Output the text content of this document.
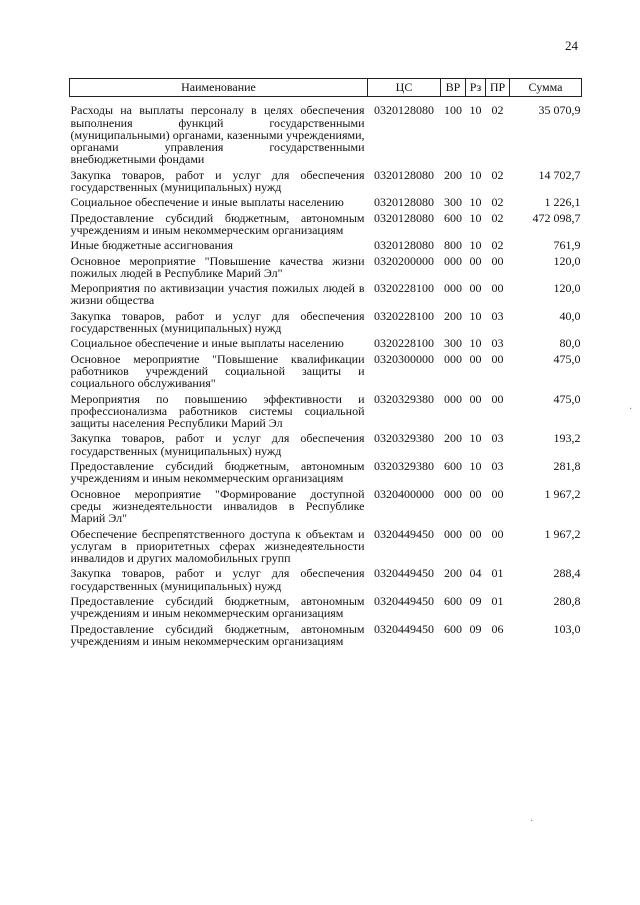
24
Наименование	ЦС	ВР	Рз	ПР	Сумма

Расходы на выплаты персоналу в целях обеспечения выполнения функций государственными (муниципальными) органами, казенными учреждениями, органами управления государственными внебюджетными фондами	0320128080	100	10	02	35 070,9
Закупка товаров, работ и услуг для обеспечения государственных (муниципальных) нужд	0320128080	200	10	02	14 702,7
Социальное обеспечение и иные выплаты населению	0320128080	300	10	02	1 226,1
Предоставление субсидий бюджетным, автономным учреждениям и иным некоммерческим организациям	0320128080	600	10	02	472 098,7
Иные бюджетные ассигнования	0320128080	800	10	02	761,9
Основное мероприятие "Повышение качества жизни пожилых людей в Республике Марий Эл"	0320200000	000	00	00	120,0
Мероприятия по активизации участия пожилых людей в жизни общества	0320228100	000	00	00	120,0
Закупка товаров, работ и услуг для обеспечения государственных (муниципальных) нужд	0320228100	200	10	03	40,0
Социальное обеспечение и иные выплаты населению	0320228100	300	10	03	80,0
Основное мероприятие "Повышение квалификации работников учреждений социальной защиты и социального обслуживания"	0320300000	000	00	00	475,0
Мероприятия по повышению эффективности и профессионализма работников системы социальной защиты населения Республики Марий Эл	0320329380	000	00	00	475,0
Закупка товаров, работ и услуг для обеспечения государственных (муниципальных) нужд	0320329380	200	10	03	193,2
Предоставление субсидий бюджетным, автономным учреждениям и иным некоммерческим организациям	0320329380	600	10	03	281,8
Основное мероприятие "Формирование доступной среды жизнедеятельности инвалидов в Республике Марий Эл"	0320400000	000	00	00	1 967,2
Обеспечение беспрепятственного доступа к объектам и услугам в приоритетных сферах жизнедеятельности инвалидов и других маломобильных групп	0320449450	000	00	00	1 967,2
Закупка товаров, работ и услуг для обеспечения государственных (муниципальных) нужд	0320449450	200	04	01	288,4
Предоставление субсидий бюджетным, автономным учреждениям и иным некоммерческим организациям	0320449450	600	09	01	280,8
Предоставление субсидий бюджетным, автономным учреждениям и иным некоммерческим организациям	0320449450	600	09	06	103,0
·
·
